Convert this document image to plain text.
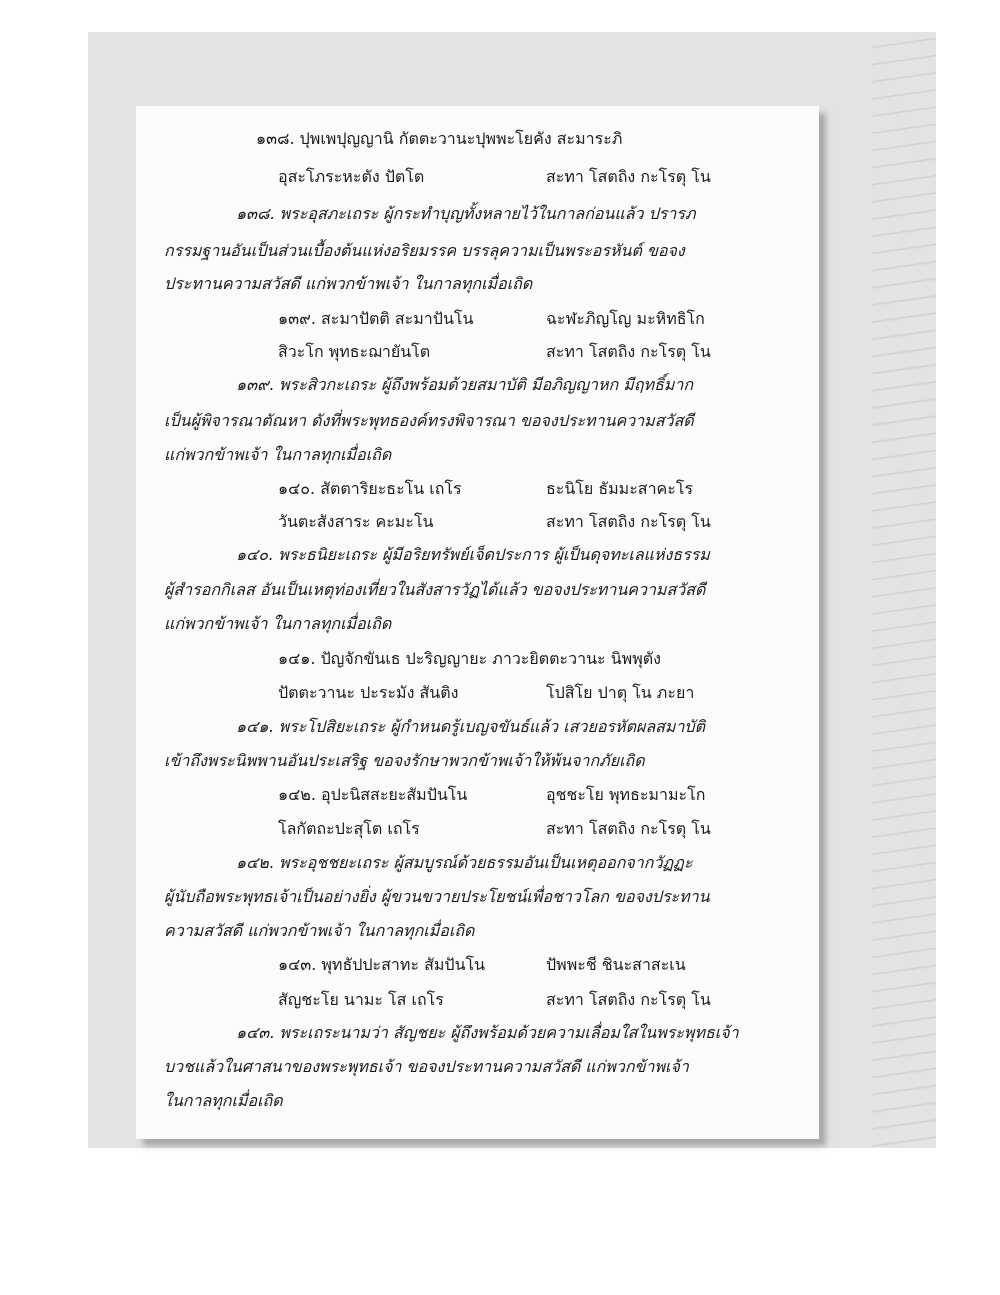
๑๓๘. ปุพเพปุญญานิ กัตตะวานะปุพพะโยคัง สะมาระภิ
อุสะโภระหะตัง ปัตโต	สะทา โสตถิง กะโรตุ โน
๑๓๘. พระอุสภะเถระ ผู้กระทำบุญทั้งหลายไว้ในกาลก่อนแล้ว ปรารภ
กรรมฐานอันเป็นส่วนเบื้องต้นแห่งอริยมรรค บรรลุความเป็นพระอรหันต์ ขอจง
ประทานความสวัสดี แก่พวกข้าพเจ้า ในกาลทุกเมื่อเถิด
๑๓๙. สะมาปัตติ สะมาปันโน	ฉะฬะภิญโญ มะหิทธิโก
สิวะโก พุทธะฌายันโต	สะทา โสตถิง กะโรตุ โน
๑๓๙. พระสิวกะเถระ ผู้ถึงพร้อมด้วยสมาบัติ มีอภิญญาหก มีฤทธิ์มาก
เป็นผู้พิจารณาตัณหา ดังที่พระพุทธองค์ทรงพิจารณา ขอจงประทานความสวัสดี
แก่พวกข้าพเจ้า ในกาลทุกเมื่อเถิด
๑๔๐. สัตตาริยะธะโน เถโร	ธะนิโย ธัมมะสาคะโร
วันตะสังสาระ คะมะโน	สะทา โสตถิง กะโรตุ โน
๑๔๐. พระธนิยะเถระ ผู้มีอริยทรัพย์เจ็ดประการ ผู้เป็นดุจทะเลแห่งธรรม
ผู้สำรอกกิเลส อันเป็นเหตุท่องเที่ยวในสังสารวัฏได้แล้ว ขอจงประทานความสวัสดี
แก่พวกข้าพเจ้า ในกาลทุกเมื่อเถิด
๑๔๑. ปัญจักขันเธ ปะริญญายะ ภาวะยิตตะวานะ นิพพุตัง
ปัตตะวานะ ปะระมัง สันติง	โปสิโย ปาตุ โน ภะยา
๑๔๑. พระโปสิยะเถระ ผู้กำหนดรู้เบญจขันธ์แล้ว เสวยอรหัตผลสมาบัติ
เข้าถึงพระนิพพานอันประเสริฐ ขอจงรักษาพวกข้าพเจ้าให้พ้นจากภัยเถิด
๑๔๒. อุปะนิสสะยะสัมปันโน	อุชชะโย พุทธะมามะโก
โลกัตถะปะสุโต เถโร	สะทา โสตถิง กะโรตุ โน
๑๔๒. พระอุชชยะเถระ ผู้สมบูรณ์ด้วยธรรมอันเป็นเหตุออกจากวัฏฏะ
ผู้นับถือพระพุทธเจ้าเป็นอย่างยิ่ง ผู้ขวนขวายประโยชน์เพื่อชาวโลก ขอจงประทาน
ความสวัสดี แก่พวกข้าพเจ้า ในกาลทุกเมื่อเถิด
๑๔๓. พุทธัปปะสาทะ สัมปันโน	ปัพพะชี ชินะสาสะเน
สัญชะโย นามะ โส เถโร	สะทา โสตถิง กะโรตุ โน
๑๔๓. พระเถระนามว่า สัญชยะ ผู้ถึงพร้อมด้วยความเลื่อมใสในพระพุทธเจ้า
บวชแล้วในศาสนาของพระพุทธเจ้า ขอจงประทานความสวัสดี แก่พวกข้าพเจ้า
ในกาลทุกเมื่อเถิด
